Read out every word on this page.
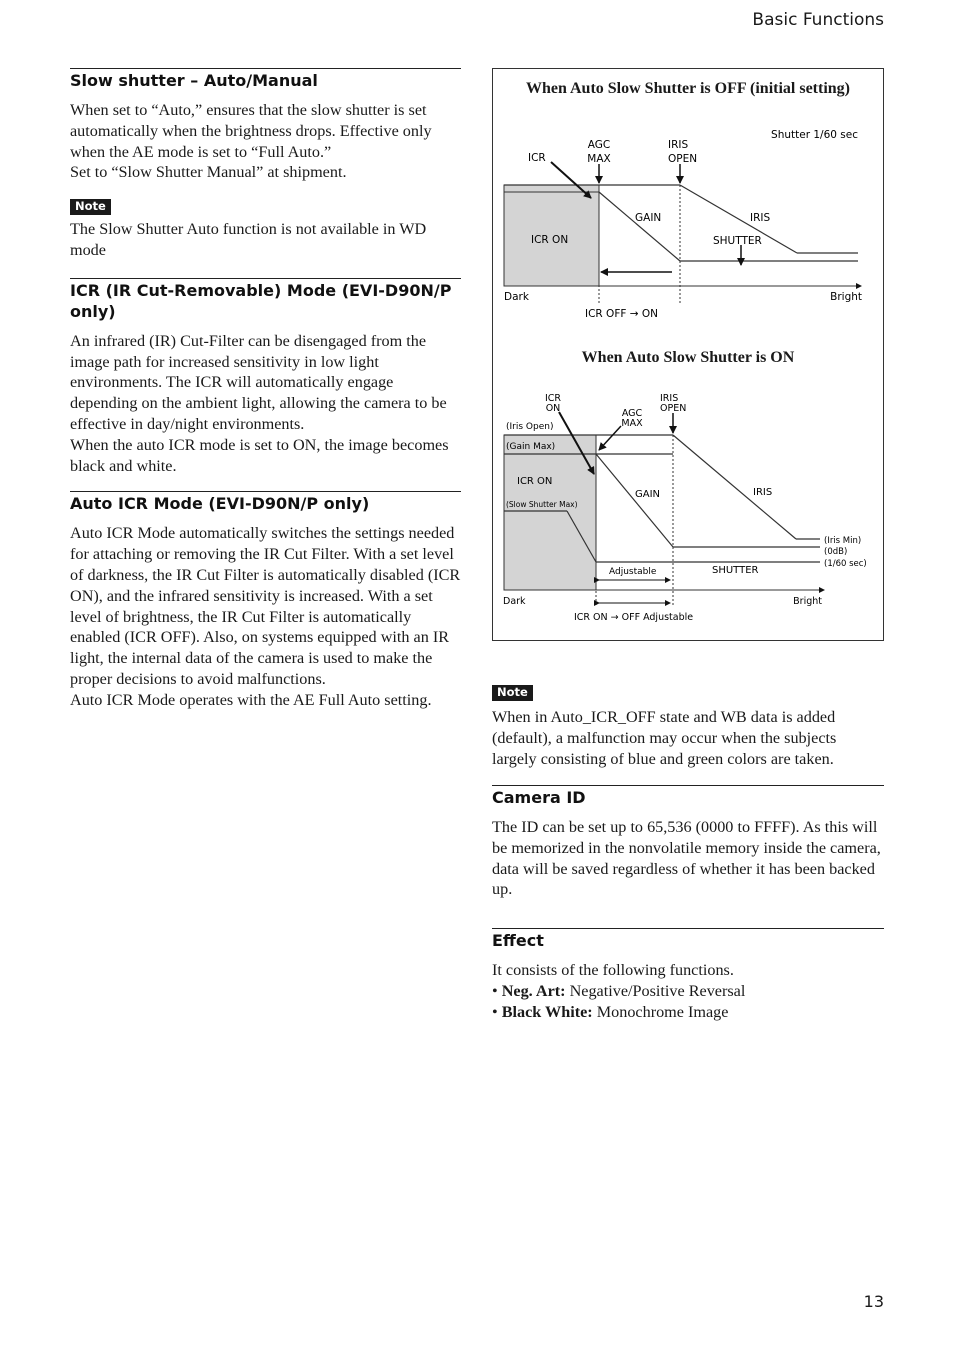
Basic Functions
Slow shutter – Auto/Manual

When set to “Auto,” ensures that the slow shutter is set automatically when the brightness drops. Effective only when the AE mode is set to “Full Auto.”

Set to “Slow Shutter Manual” at shipment.

Note

The Slow Shutter Auto function is not available in WD mode

ICR (IR Cut-Removable) Mode (EVI-D90N/P only)

An infrared (IR) Cut-Filter can be disengaged from the image path for increased sensitivity in low light environments. The ICR will automatically engage depending on the ambient light, allowing the camera to be effective in day/night environments.

When the auto ICR mode is set to ON, the image becomes black and white.

Auto ICR Mode (EVI-D90N/P only)

Auto ICR Mode automatically switches the settings needed for attaching or removing the IR Cut Filter. With a set level of darkness, the IR Cut Filter is automatically disabled (ICR ON), and the infrared sensitivity is increased. With a set level of brightness, the IR Cut Filter is automatically enabled (ICR OFF). Also, on systems equipped with an IR light, the internal data of the camera is used to make the proper decisions to avoid malfunctions.

Auto ICR Mode operates with the AE Full Auto setting.

When Auto Slow Shutter is OFF (initial setting)
When Auto Slow Shutter is ON
ICR
AGC
MAX
IRIS
OPEN
Shutter 1/60 sec
GAIN	IRIS
ICR ON	SHUTTER
Dark	Bright
ICR OFF → ON
ICR
ON	AGC
MAX
IRIS
OPEN
(Iris Open)
(Gain Max)
ICR ON
(Slow Shutter Max)
GAIN	IRIS
(Iris Min)
(0dB)
(1/60 sec)
Adjustable	SHUTTER
Dark	Bright
ICR ON → OFF Adjustable
Note

When in Auto_ICR_OFF state and WB data is added (default), a malfunction may occur when the subjects largely consisting of blue and green colors are taken.

Camera ID

The ID can be set up to 65,536 (0000 to FFFF). As this will be memorized in the nonvolatile memory inside the camera, data will be saved regardless of whether it has been backed up.

Effect

It consists of the following functions.

• Neg. Art: Negative/Positive Reversal
• Black White: Monochrome Image
13
